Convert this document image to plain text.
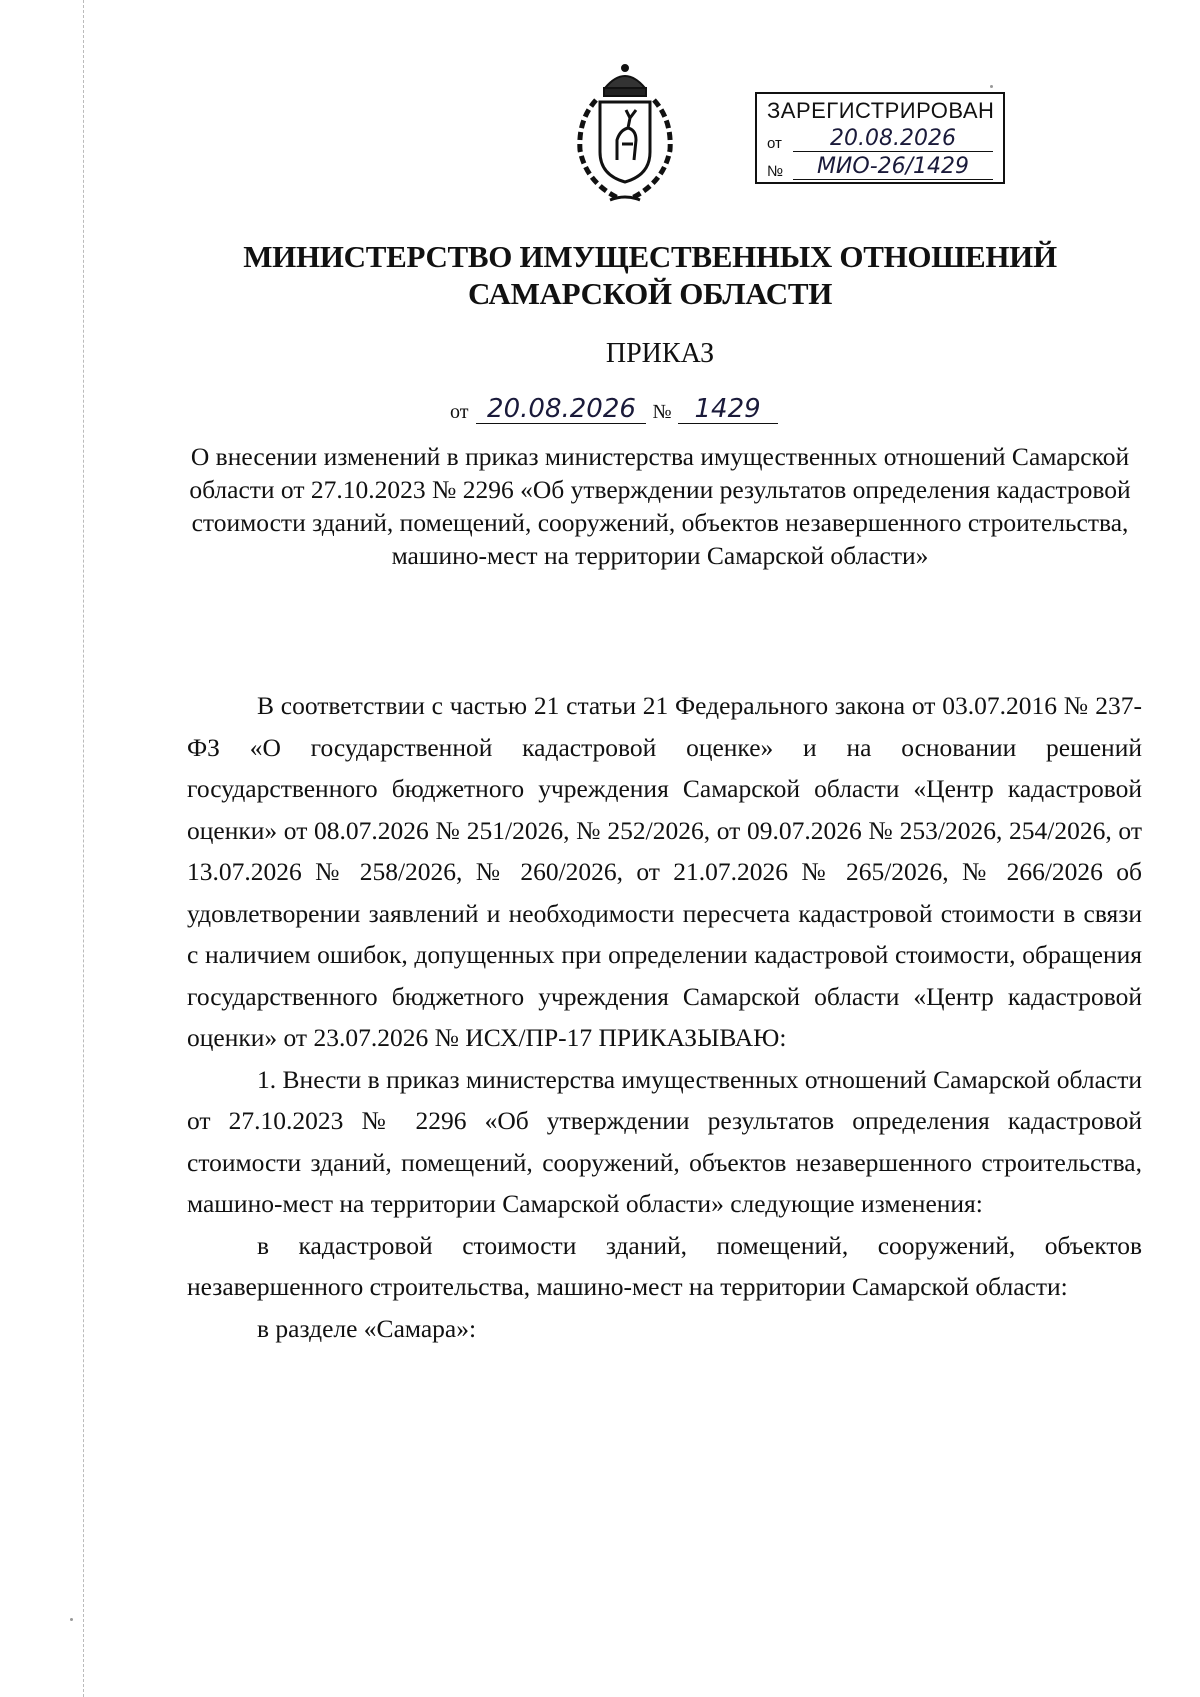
ЗАРЕГИСТРИРОВАН
от	20.08.2026
№	МИО-26/1429
МИНИСТЕРСТВО ИМУЩЕСТВЕННЫХ ОТНОШЕНИЙ
САМАРСКОЙ ОБЛАСТИ
ПРИКАЗ
от 20.08.2026 № 1429
О внесении изменений в приказ министерства имущественных отношений Самарской области от 27.10.2023 № 2296 «Об утверждении результатов определения кадастровой стоимости зданий, помещений, сооружений, объектов незавершенного строительства, машино-мест на территории Самарской области»

В соответствии с частью 21 статьи 21 Федерального закона от 03.07.2016 № 237-ФЗ «О государственной кадастровой оценке» и на основании решений государственного бюджетного учреждения Самарской области «Центр кадастровой оценки» от 08.07.2026 № 251/2026, № 252/2026, от 09.07.2026 № 253/2026, 254/2026, от 13.07.2026 № 258/2026, № 260/2026, от 21.07.2026 № 265/2026, № 266/2026 об удовлетворении заявлений и необходимости пересчета кадастровой стоимости в связи с наличием ошибок, допущенных при определении кадастровой стоимости, обращения государственного бюджетного учреждения Самарской области «Центр кадастровой оценки» от 23.07.2026 № ИСХ/ПР-17 ПРИКАЗЫВАЮ:

1. Внести в приказ министерства имущественных отношений Самарской области от 27.10.2023 № 2296 «Об утверждении результатов определения кадастровой стоимости зданий, помещений, сооружений, объектов незавершенного строительства, машино-мест на территории Самарской области» следующие изменения:

в кадастровой стоимости зданий, помещений, сооружений, объектов незавершенного строительства, машино-мест на территории Самарской области:

в разделе «Самара»:
